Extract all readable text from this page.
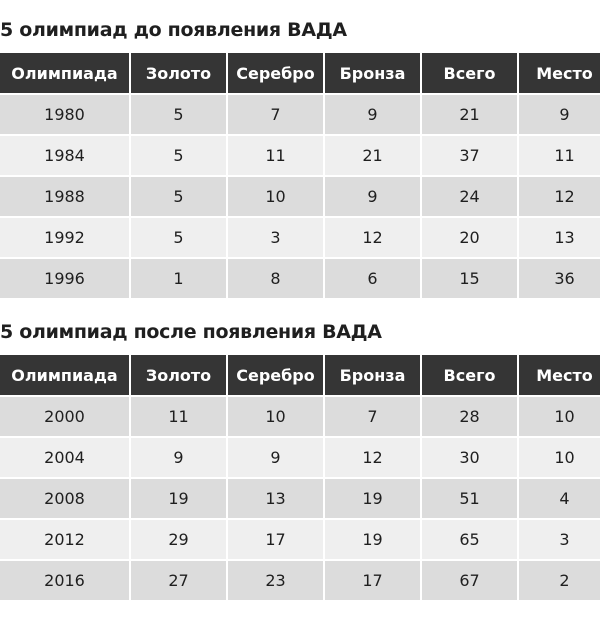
5 олимпиад до появления ВАДА
Олимпиада	Золото	Серебро	Бронза	Всего	Место
1980	5	7	9	21	9
1984	5	11	21	37	11
1988	5	10	9	24	12
1992	5	3	12	20	13
1996	1	8	6	15	36
5 олимпиад после появления ВАДА
Олимпиада	Золото	Серебро	Бронза	Всего	Место
2000	11	10	7	28	10
2004	9	9	12	30	10
2008	19	13	19	51	4
2012	29	17	19	65	3
2016	27	23	17	67	2
